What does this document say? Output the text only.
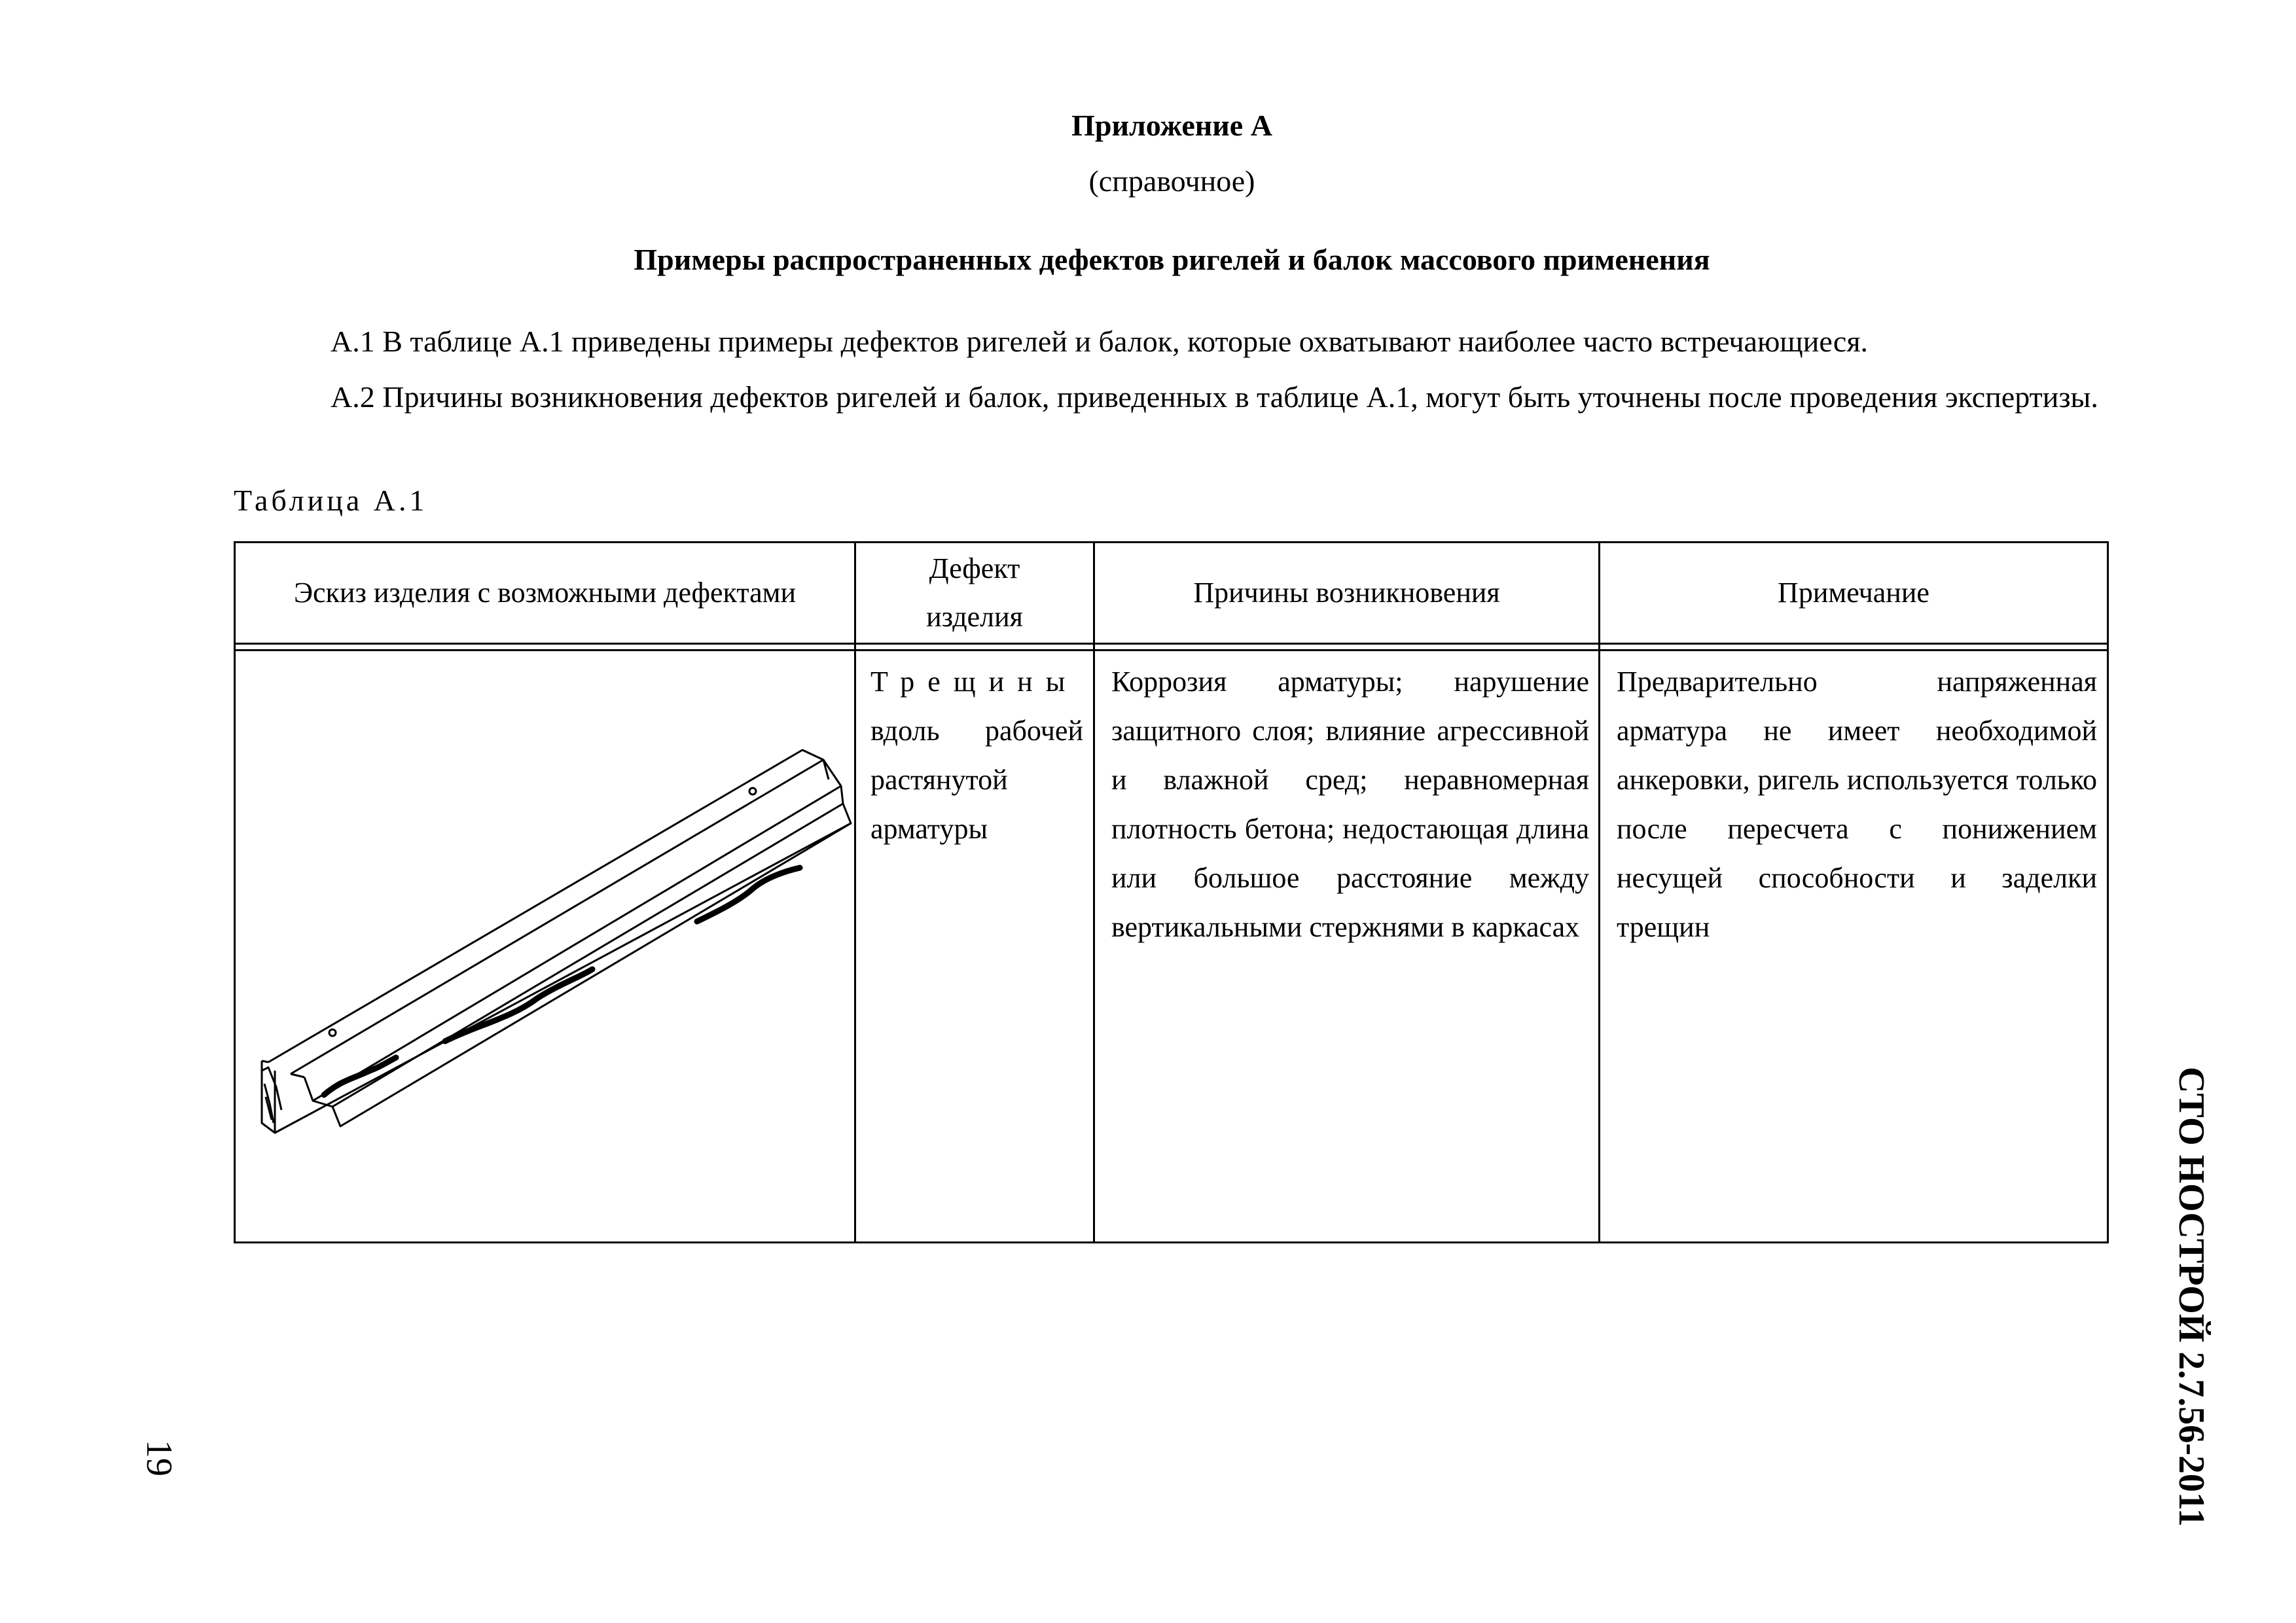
Приложение А
(справочное)
Примеры распространенных дефектов ригелей и балок массового применения
А.1 В таблице А.1 приведены примеры дефектов ригелей и балок, которые охватывают наиболее часто встречающиеся.
А.2 Причины возникновения дефектов ригелей и балок, приведенных в таблице А.1, могут быть уточнены после проведения экспертизы.
Таблица А.1
Эскиз изделия с возможными дефектами
Дефект изделия
Причины возникновения	Примечание
Трещины
вдоль рабочей растянутой арматуры
Коррозия арматуры; нарушение защитного слоя; влияние агрессивной и влажной сред; неравномерная плотность бетона; недостающая длина или большое расстояние между вертикальными стержнями в каркасах
Предварительно напряженная арматура не имеет необходимой анкеровки, ригель используется только после пересчета с понижением несущей способности и заделки трещин
СТО НОСТРОЙ 2.7.56-2011
19
